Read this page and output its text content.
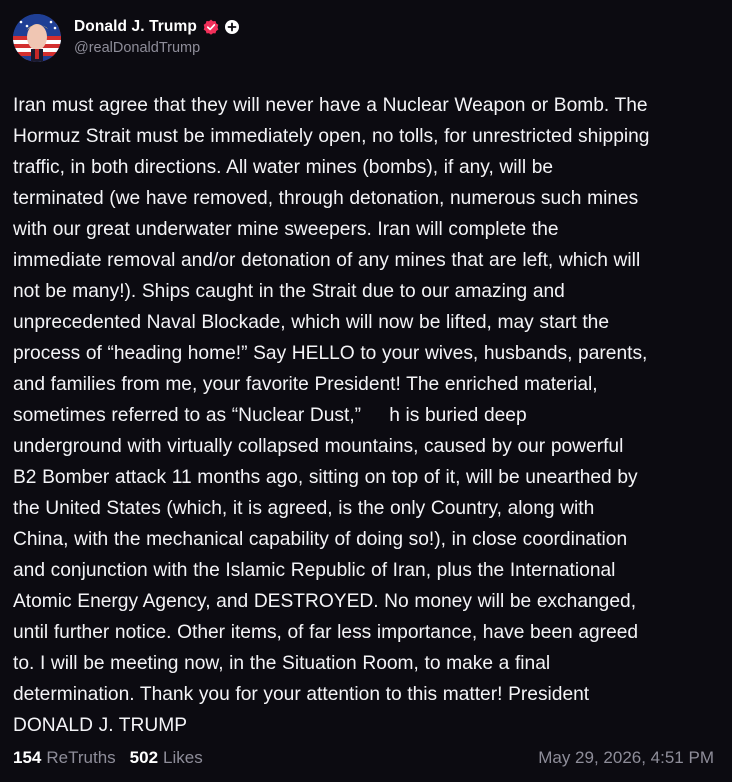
Donald J. Trump
@realDonaldTrump

Iran must agree that they will never have a Nuclear Weapon or Bomb. The
Hormuz Strait must be immediately open, no tolls, for unrestricted shipping
traffic, in both directions. All water mines (bombs), if any, will be
terminated (we have removed, through detonation, numerous such mines
with our great underwater mine sweepers. Iran will complete the
immediate removal and/or detonation of any mines that are left, which will
not be many!). Ships caught in the Strait due to our amazing and
unprecedented Naval Blockade, which will now be lifted, may start the
process of “heading home!” Say HELLO to your wives, husbands, parents,
and families from me, your favorite President! The enriched material,
sometimes referred to as “Nuclear Dust,”     h is buried deep
underground with virtually collapsed mountains, caused by our powerful
B2 Bomber attack 11 months ago, sitting on top of it, will be unearthed by
the United States (which, it is agreed, is the only Country, along with
China, with the mechanical capability of doing so!), in close coordination
and conjunction with the Islamic Republic of Iran, plus the International
Atomic Energy Agency, and DESTROYED. No money will be exchanged,
until further notice. Other items, of far less importance, have been agreed
to. I will be meeting now, in the Situation Room, to make a final
determination. Thank you for your attention to this matter! President
DONALD J. TRUMP

154 ReTruths 502 Likes	May 29, 2026, 4:51 PM
